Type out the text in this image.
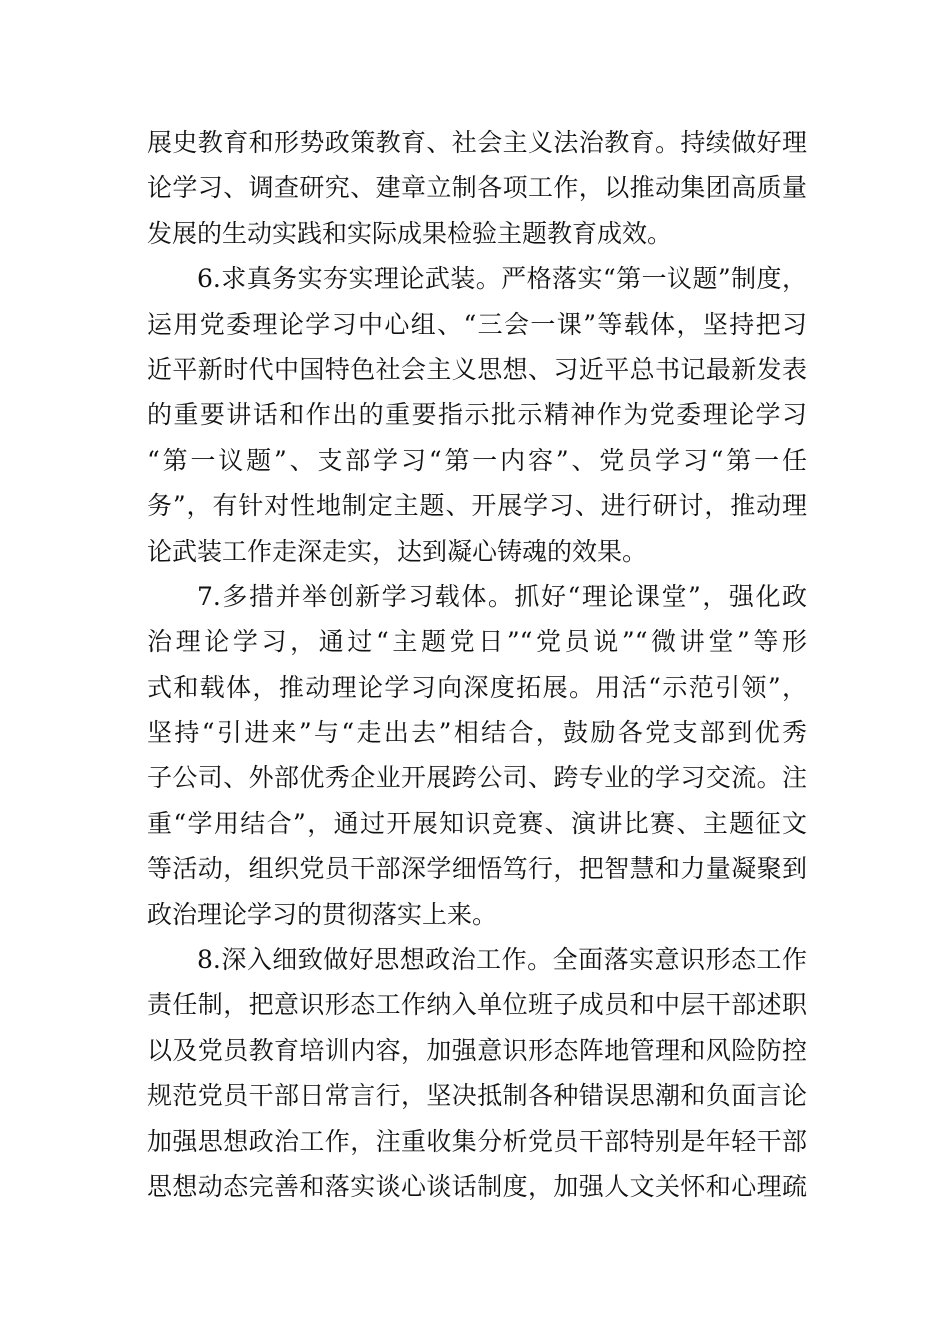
展史教育和形势政策教育、社会主义法治教育。持续做好理
论学习、调查研究、建章立制各项工作，以推动集团高质量
发展的生动实践和实际成果检验主题教育成效。
6.求真务实夯实理论武装。严格落实“第一议题”制度，
运用党委理论学习中心组、“三会一课”等载体，坚持把习
近平新时代中国特色社会主义思想、习近平总书记最新发表
的重要讲话和作出的重要指示批示精神作为党委理论学习
“第一议题”、支部学习“第一内容”、党员学习“第一任
务”，有针对性地制定主题、开展学习、进行研讨，推动理
论武装工作走深走实，达到凝心铸魂的效果。
7.多措并举创新学习载体。抓好“理论课堂”，强化政
治理论学习，通过“主题党日”“党员说”“微讲堂”等形
式和载体，推动理论学习向深度拓展。用活“示范引领”，
坚持“引进来”与“走出去”相结合，鼓励各党支部到优秀
子公司、外部优秀企业开展跨公司、跨专业的学习交流。注
重“学用结合”，通过开展知识竞赛、演讲比赛、主题征文
等活动，组织党员干部深学细悟笃行，把智慧和力量凝聚到
政治理论学习的贯彻落实上来。
8.深入细致做好思想政治工作。全面落实意识形态工作
责任制，把意识形态工作纳入单位班子成员和中层干部述职
以及党员教育培训内容，加强意识形态阵地管理和风险防控
规范党员干部日常言行，坚决抵制各种错误思潮和负面言论
加强思想政治工作，注重收集分析党员干部特别是年轻干部
思想动态完善和落实谈心谈话制度，加强人文关怀和心理疏
